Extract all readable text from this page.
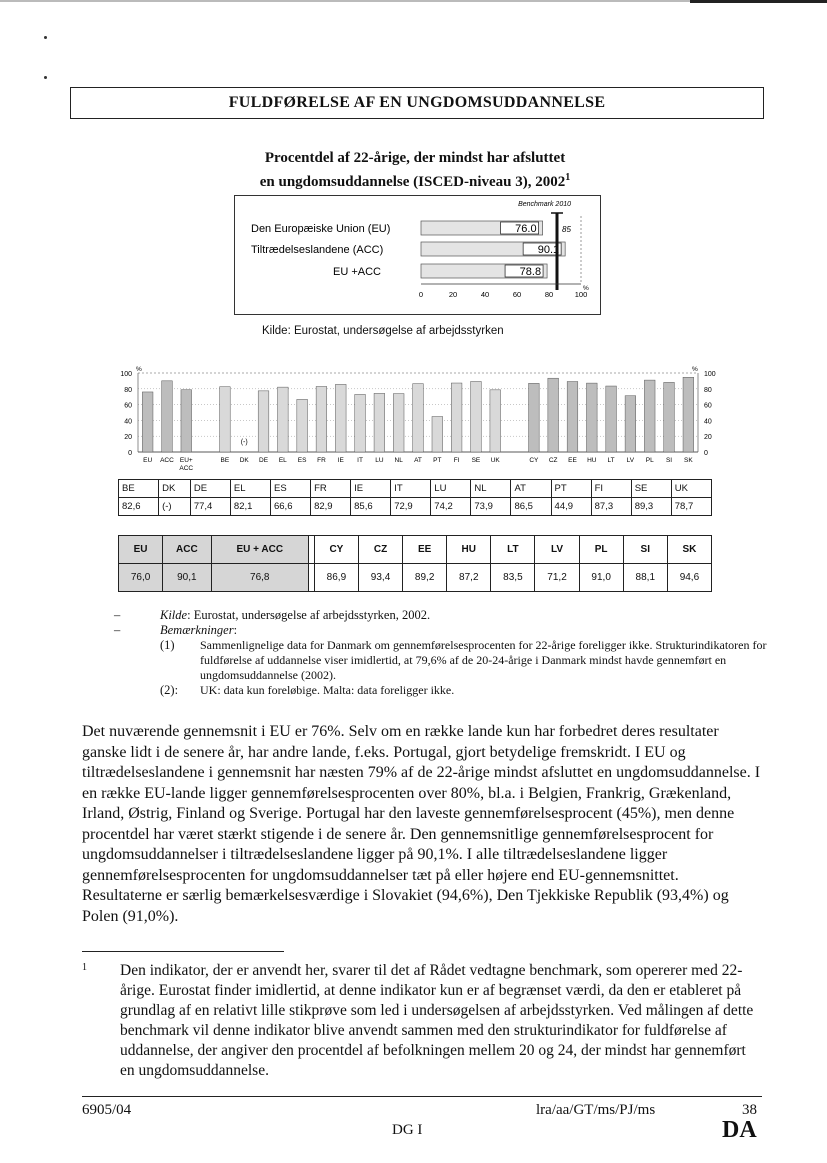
FULDFØRELSE AF EN UNGDOMSUDDANNELSE
Procentdel af 22-årige, der mindst har afsluttet
en ungdomsuddannelse (ISCED-niveau 3), 2002$^1$
Den Europæiske Union (EU)	76.0
Tiltrædelseslandene (ACC)	90.1
EU +ACC	78.8
Benchmark 2010
85
0	20	40	60	80	100
%
Kilde: Eurostat, undersøgelse af arbejdsstyrken
0	0
20	20
40	40
60	60
80	80
100	100
%	%
EU ACC EU+
ACC
BE DK DE EL ES FR IE IT LU NL AT PT FI SE UK	CY CZ EE HU LT LV PL SI SK
(-)
BE	DK	DE	EL	ES	FR	IE	IT	LU	NL	AT	PT	FI	SE	UK
82,6	(-)	77,4	82,1	66,6	82,9	85,6	72,9	74,2	73,9	86,5	44,9	87,3	89,3	78,7
EU	ACC	EU + ACC		CY	CZ	EE	HU	LT	LV	PL	SI	SK
76,0	90,1	76,8		86,9	93,4	89,2	87,2	83,5	71,2	91,0	88,1	94,6
–	Kilde: Eurostat, undersøgelse af arbejdsstyrken, 2002.
–	Bemærkninger:
(1)	Sammenlignelige data for Danmark om gennemførelsesprocenten for 22-årige foreligger ikke. Strukturindikatoren for fuldførelse af uddannelse viser imidlertid, at 79,6% af de 20-24-årige i Danmark mindst havde gennemført en ungdomsuddannelse (2002).
(2):	UK: data kun foreløbige. Malta: data foreligger ikke.
Det nuværende gennemsnit i EU er 76%. Selv om en række lande kun har forbedret deres resultater ganske lidt i de senere år, har andre lande, f.eks. Portugal, gjort betydelige fremskridt. I EU og tiltrædelseslandene i gennemsnit har næsten 79% af de 22-årige mindst afsluttet en ungdomsuddannelse. I en række EU-lande ligger gennemførelsesprocenten over 80%, bl.a. i Belgien, Frankrig, Grækenland, Irland, Østrig, Finland og Sverige. Portugal har den laveste gennemførelsesprocent (45%), men denne procentdel har været stærkt stigende i de senere år. Den gennemsnitlige gennemførelsesprocent for ungdomsuddannelser i tiltrædelseslandene ligger på 90,1%. I alle tiltrædelseslandene ligger gennemførelsesprocenten for ungdomsuddannelser tæt på eller højere end EU-gennemsnittet. Resultaterne er særlig bemærkelsesværdige i Slovakiet (94,6%), Den Tjekkiske Republik (93,4%) og Polen (91,0%).
1	Den indikator, der er anvendt her, svarer til det af Rådet vedtagne benchmark, som opererer med 22-årige. Eurostat finder imidlertid, at denne indikator kun er af begrænset værdi, da den er etableret på grundlag af en relativt lille stikprøve som led i undersøgelsen af arbejdsstyrken. Ved målingen af dette benchmark vil denne indikator blive anvendt sammen med den strukturindikator for fuldførelse af uddannelse, der angiver den procentdel af befolkningen mellem 20 og 24, der mindst har gennemført en ungdomsuddannelse.
6905/04	lra/aa/GT/ms/PJ/ms	38
DG I	DA
